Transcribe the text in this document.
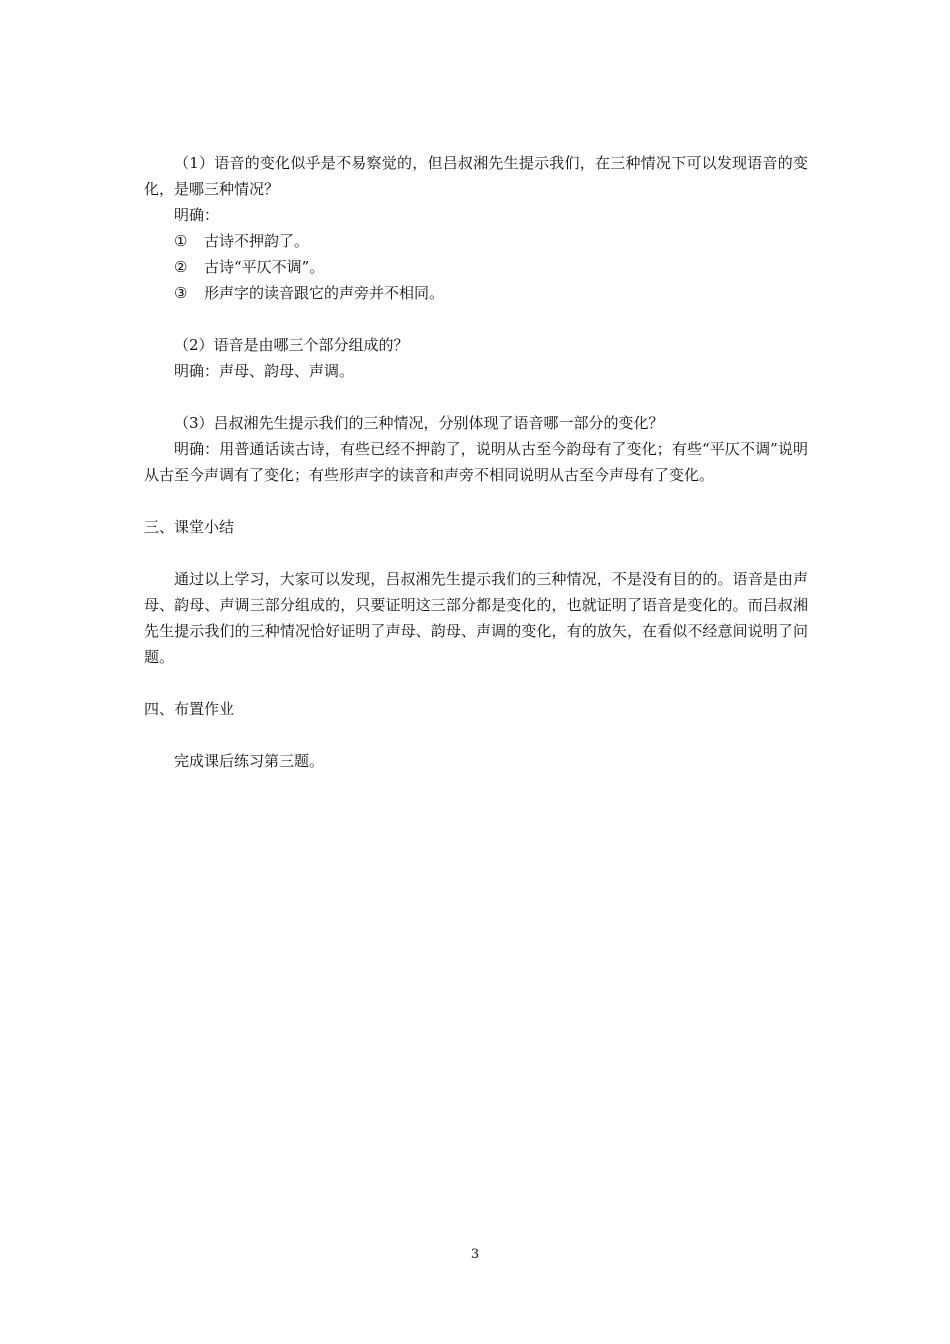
（1）语音的变化似乎是不易察觉的，但吕叔湘先生提示我们，在三种情况下可以发现语音的变化，是哪三种情况？

明确：

① 古诗不押韵了。

② 古诗“平仄不调”。

③ 形声字的读音跟它的声旁并不相同。

（2）语音是由哪三个部分组成的？

明确：声母、韵母、声调。

（3）吕叔湘先生提示我们的三种情况，分别体现了语音哪一部分的变化？

明确：用普通话读古诗，有些已经不押韵了，说明从古至今韵母有了变化；有些“平仄不调”说明从古至今声调有了变化；有些形声字的读音和声旁不相同说明从古至今声母有了变化。

三、课堂小结

通过以上学习，大家可以发现，吕叔湘先生提示我们的三种情况，不是没有目的的。语音是由声母、韵母、声调三部分组成的，只要证明这三部分都是变化的，也就证明了语音是变化的。而吕叔湘先生提示我们的三种情况恰好证明了声母、韵母、声调的变化，有的放矢，在看似不经意间说明了问题。

四、布置作业

完成课后练习第三题。

3
